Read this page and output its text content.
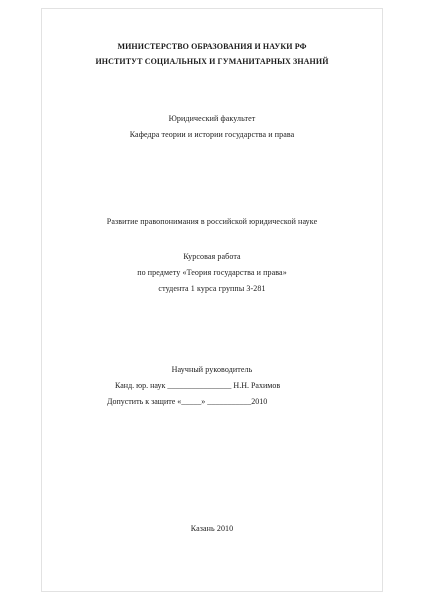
МИНИСТЕРСТВО ОБРАЗОВАНИЯ И НАУКИ РФ
ИНСТИТУТ СОЦИАЛЬНЫХ И ГУМАНИТАРНЫХ ЗНАНИЙ
Юридический факультет
Кафедра теории и истории государства и права
Развитие правопонимания в российской юридической науке
Курсовая работа
по предмету «Теория государства и права»
студента 1 курса группы 3-281
Научный руководитель
Канд. юр. наук ________________ Н.Н. Рахимов
Допустить к защите «_____» ___________2010
Казань 2010
